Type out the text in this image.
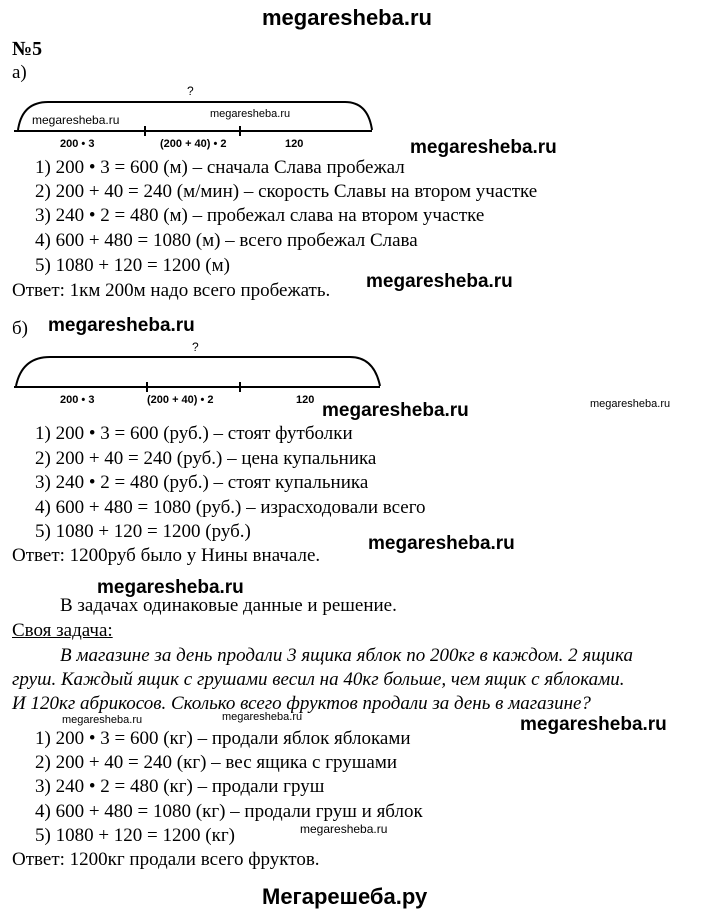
megaresheba.ru
№5
а)
?
megaresheba.ru	megaresheba.ru
200 • 3	(200 + 40) • 2	120	megaresheba.ru
1) 200 • 3 = 600 (м) – сначала Слава пробежал
2) 200 + 40 = 240 (м/мин) – скорость Славы на втором участке
3) 240 • 2 = 480 (м) – пробежал слава на втором участке
4) 600 + 480 = 1080 (м) – всего пробежал Слава
5) 1080 + 120 = 1200 (м)
megaresheba.ru
Ответ: 1км 200м надо всего пробежать.
б) megaresheba.ru
?
200 • 3	(200 + 40) • 2	120 megaresheba.ru	megaresheba.ru
1) 200 • 3 = 600 (руб.) – стоят футболки
2) 200 + 40 = 240 (руб.) – цена купальника
3) 240 • 2 = 480 (руб.) – стоят купальника
4) 600 + 480 = 1080 (руб.) – израсходовали всего
5) 1080 + 120 = 1200 (руб.)
megaresheba.ru
Ответ: 1200руб было у Нины вначале.
megaresheba.ru
В задачах одинаковые данные и решение.
Своя задача:
В магазине за день продали 3 ящика яблок по 200кг в каждом. 2 ящика
груш. Каждый ящик с грушами весил на 40кг больше, чем ящик с яблоками.
И 120кг абрикосов. Сколько всего фруктов продали за день в магазине?
megaresheba.ru	megaresheba.ru	megaresheba.ru
1) 200 • 3 = 600 (кг) – продали яблок яблоками
2) 200 + 40 = 240 (кг) – вес ящика с грушами
3) 240 • 2 = 480 (кг) – продали груш
4) 600 + 480 = 1080 (кг) – продали груш и яблок
5) 1080 + 120 = 1200 (кг)	megaresheba.ru
Ответ: 1200кг продали всего фруктов.
Мегарешеба.ру
